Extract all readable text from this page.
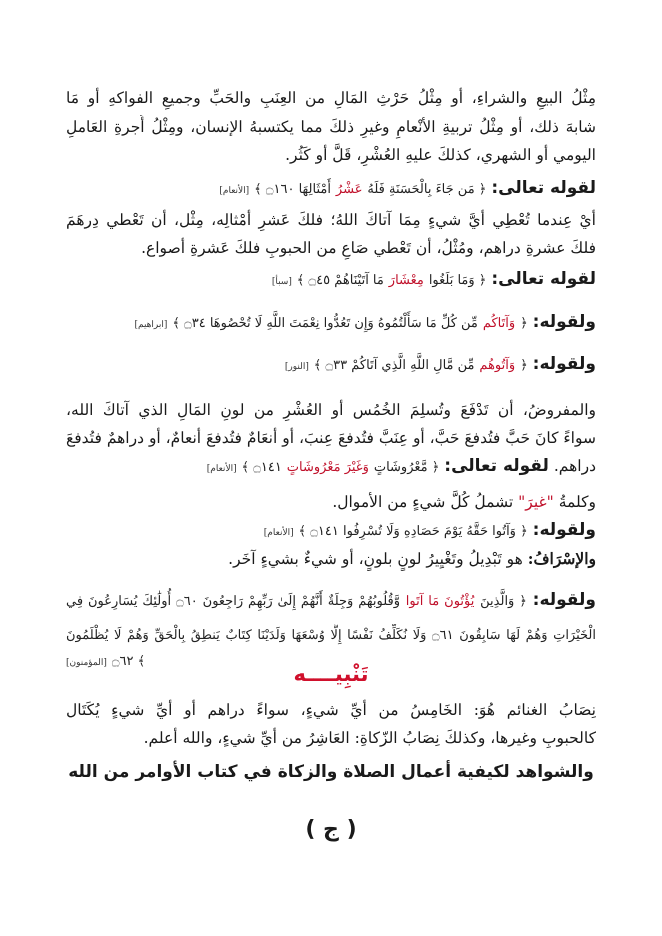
مِثْلُ البيعِ والشراءِ، أو مِثْلُ حَرْثِ المَالِ من العِنَبِ والحَبِّ وجميعِ الفواكهِ أو مَا
شابهَ ذلك، أو مِثْلُ تربيةِ الأنْعامِ وغيرِ ذلكَ مما يكتسبهُ الإنسان، ومِثْلُ أُجرةِ العَاملِ
اليومي أو الشهري، كذلكَ عليهِ العُشْرِ، قَلَّ أو كَثُر.
لقوله تعالى: ﴿ مَن جَاءَ بِالْحَسَنَةِ فَلَهُ عَشْرُ أَمْثَالِهَا ۝١٦٠ ﴾ [الأنعام]
أيْ عِندما تُعْطِي أيَّ شيءٍ مِمَا آتاكَ اللهُ؛ فلكَ عَشرِ أمْثالِه، مِثْل، أن تَعْطي دِرهَمَ
فلكَ عشرةِ دراهم، ومُثْلُ، أن تَعْطي صَاعِ من الحبوبِ فلكَ عَشرةِ أصواع.
لقوله تعالى: ﴿ وَمَا بَلَغُوا مِعْشَارَ مَا آتَيْنَاهُمْ ۝٤٥ ﴾ [سبأ]
ولقوله: ﴿ وَآتَاكُم مِّن كُلِّ مَا سَأَلْتُمُوهُ وَإِن تَعُدُّوا نِعْمَتَ اللَّهِ لَا تُحْصُوهَا ۝٣٤ ﴾ [ابراهيم]
ولقوله: ﴿ وَآتُوهُم مِّن مَّالِ اللَّهِ الَّذِي آتَاكُمْ ۝٣٣ ﴾ [النور]
والمفروضُ، أن تَدْفَعَ وتُسلِمَ الخُمُس أو العُشْرِ من لونِ المَالِ الذي آتاكَ الله،
سواءً كانَ حَبَّ فتُدفعَ حَبَّ، أو عِنَبَّ فتُدفعَ عِنبَ، أو أنعَامٌ فتُدفعَ أنعامٌ، أو دراهمٌ فتُدفعَ
دراهم. لقوله تعالى: ﴿ مَّعْرُوشَاتٍ وَغَيْرَ مَعْرُوشَاتٍ ۝١٤١ ﴾ [الأنعام]
وكلمةُ "غيرَ" تشملُ كُلَّ شيءٍ من الأموال.
ولقوله: ﴿ وَآتُوا حَقَّهُ يَوْمَ حَصَادِهِ وَلَا تُسْرِفُوا ۝١٤١ ﴾ [الأنعام]
والإسْرَافُ: هو تَبْدِيلُ وتَغْيِيرُ لونٍ بلونٍ، أو شيءٌ بشيءٍ آخَر.
ولقوله: ﴿ وَالَّذِينَ يُؤْتُونَ مَا آتَوا وَّقُلُوبُهُمْ وَجِلَةٌ أَنَّهُمْ إِلَىٰ رَبِّهِمْ رَاجِعُونَ ۝٦٠ أُولَٰئِكَ يُسَارِعُونَ فِي
الْخَيْرَاتِ وَهُمْ لَهَا سَابِقُونَ ۝٦١ وَلَا نُكَلِّفُ نَفْسًا إِلَّا وُسْعَهَا وَلَدَيْنَا كِتَابٌ يَنطِقُ بِالْحَقِّ وَهُمْ لَا يُظْلَمُونَ
[المؤمنون] ۝٦٢ ﴾
تَنْبِيــــه
نِصَابُ الغنائم هُوَ: الخَامِسُ من أيِّ شيءٍ، سواءً دراهم أو أيِّ شيءٍ يُكَتَال
كالحبوبِ وغيرها، وكذلكَ نِصَابُ الزّكاةِ: العَاشِرُ من أيِّ شيءٍ، والله أعلم.
والشواهد لكيفية أعمال الصلاة والزكاة في كتاب الأوامر من الله
( ج )
